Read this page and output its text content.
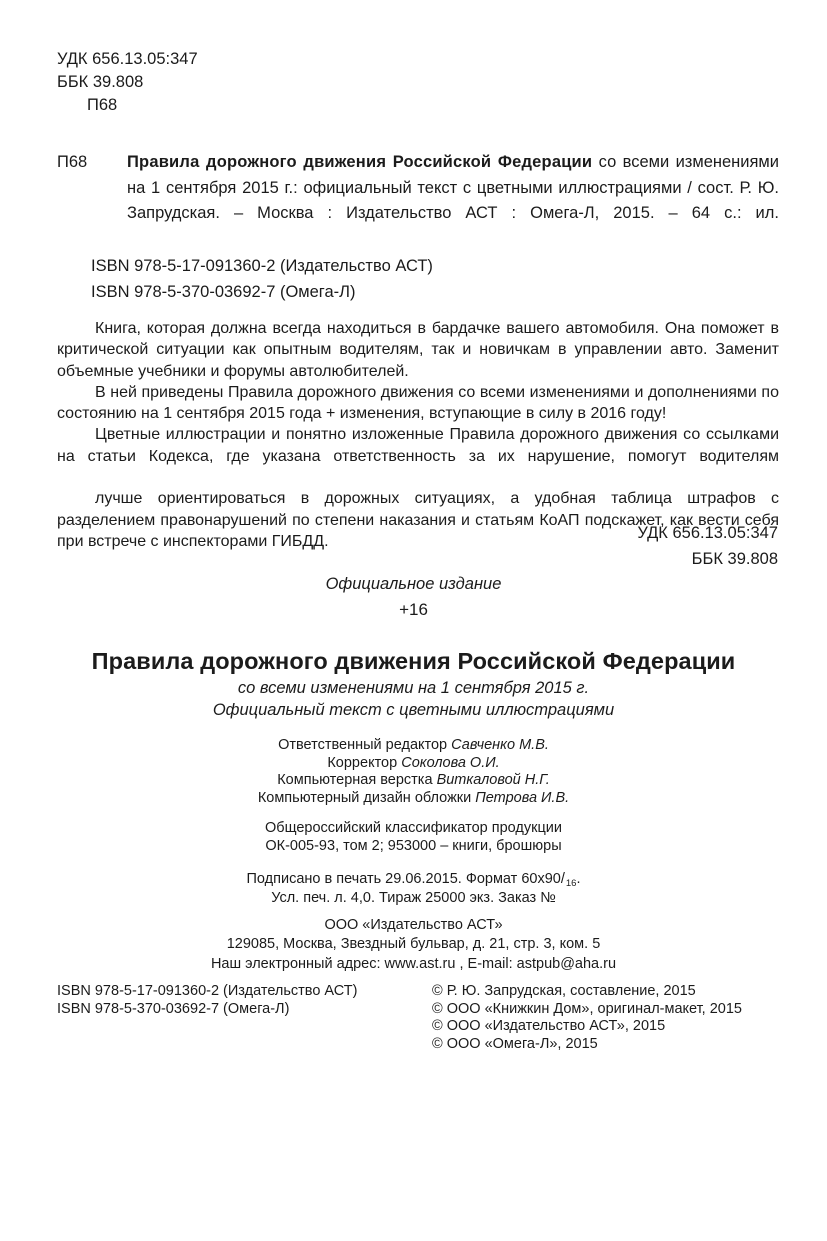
УДК 656.13.05:347
ББК 39.808
П68
П68	Правила дорожного движения Российской Федерации со всеми изменениями на 1 сентября 2015 г.: официальный текст с цветными иллюстрациями / сост. Р. Ю. Запрудская. – Москва : Издательство АСТ : Омега-Л, 2015. – 64 с.: ил.
ISBN 978-5-17-091360-2 (Издательство АСТ)
ISBN 978-5-370-03692-7 (Омега-Л)

Книга, которая должна всегда находиться в бардачке вашего автомобиля. Она поможет в критической ситуации как опытным водителям, так и новичкам в управлении авто. Заменит объемные учебники и форумы автолюбителей.

В ней приведены Правила дорожного движения со всеми изменениями и дополнениями по состоянию на 1 сентября 2015 года + изменения, вступающие в силу в 2016 году!

Цветные иллюстрации и понятно изложенные Правила дорожного движения со ссылками на статьи Кодекса, где указана ответственность за их нарушение, помогут водителям

лучше ориентироваться в дорожных ситуациях, а удобная таблица штрафов с разделением правонарушений по степени наказания и статьям КоАП подскажет, как вести себя при встрече с инспекторами ГИБДД.	УДК 656.13.05:347
ББК 39.808
Официальное издание
+16
Правила дорожного движения Российской Федерации
со всеми изменениями на 1 сентября 2015 г.
Официальный текст с цветными иллюстрациями
Ответственный редактор Савченко М.В.
Корректор Соколова О.И.
Компьютерная верстка Виткаловой Н.Г.
Компьютерный дизайн обложки Петрова И.В.
Общероссийский классификатор продукции
ОК-005-93, том 2; 953000 – книги, брошюры
Подписано в печать 29.06.2015. Формат $60x90/_{16}$.
Усл. печ. л. 4,0. Тираж 25000 экз. Заказ №
ООО «Издательство АСТ»
129085, Москва, Звездный бульвар, д. 21, стр. 3, ком. 5
Наш электронный адрес: www.ast.ru , E-mail: astpub@aha.ru
ISBN 978-5-17-091360-2 (Издательство АСТ)
ISBN 978-5-370-03692-7 (Омега-Л)
© Р. Ю. Запрудская, составление, 2015
© ООО «Книжкин Дом», оригинал-макет, 2015
© ООО «Издательство АСТ», 2015
© ООО «Омега-Л», 2015
